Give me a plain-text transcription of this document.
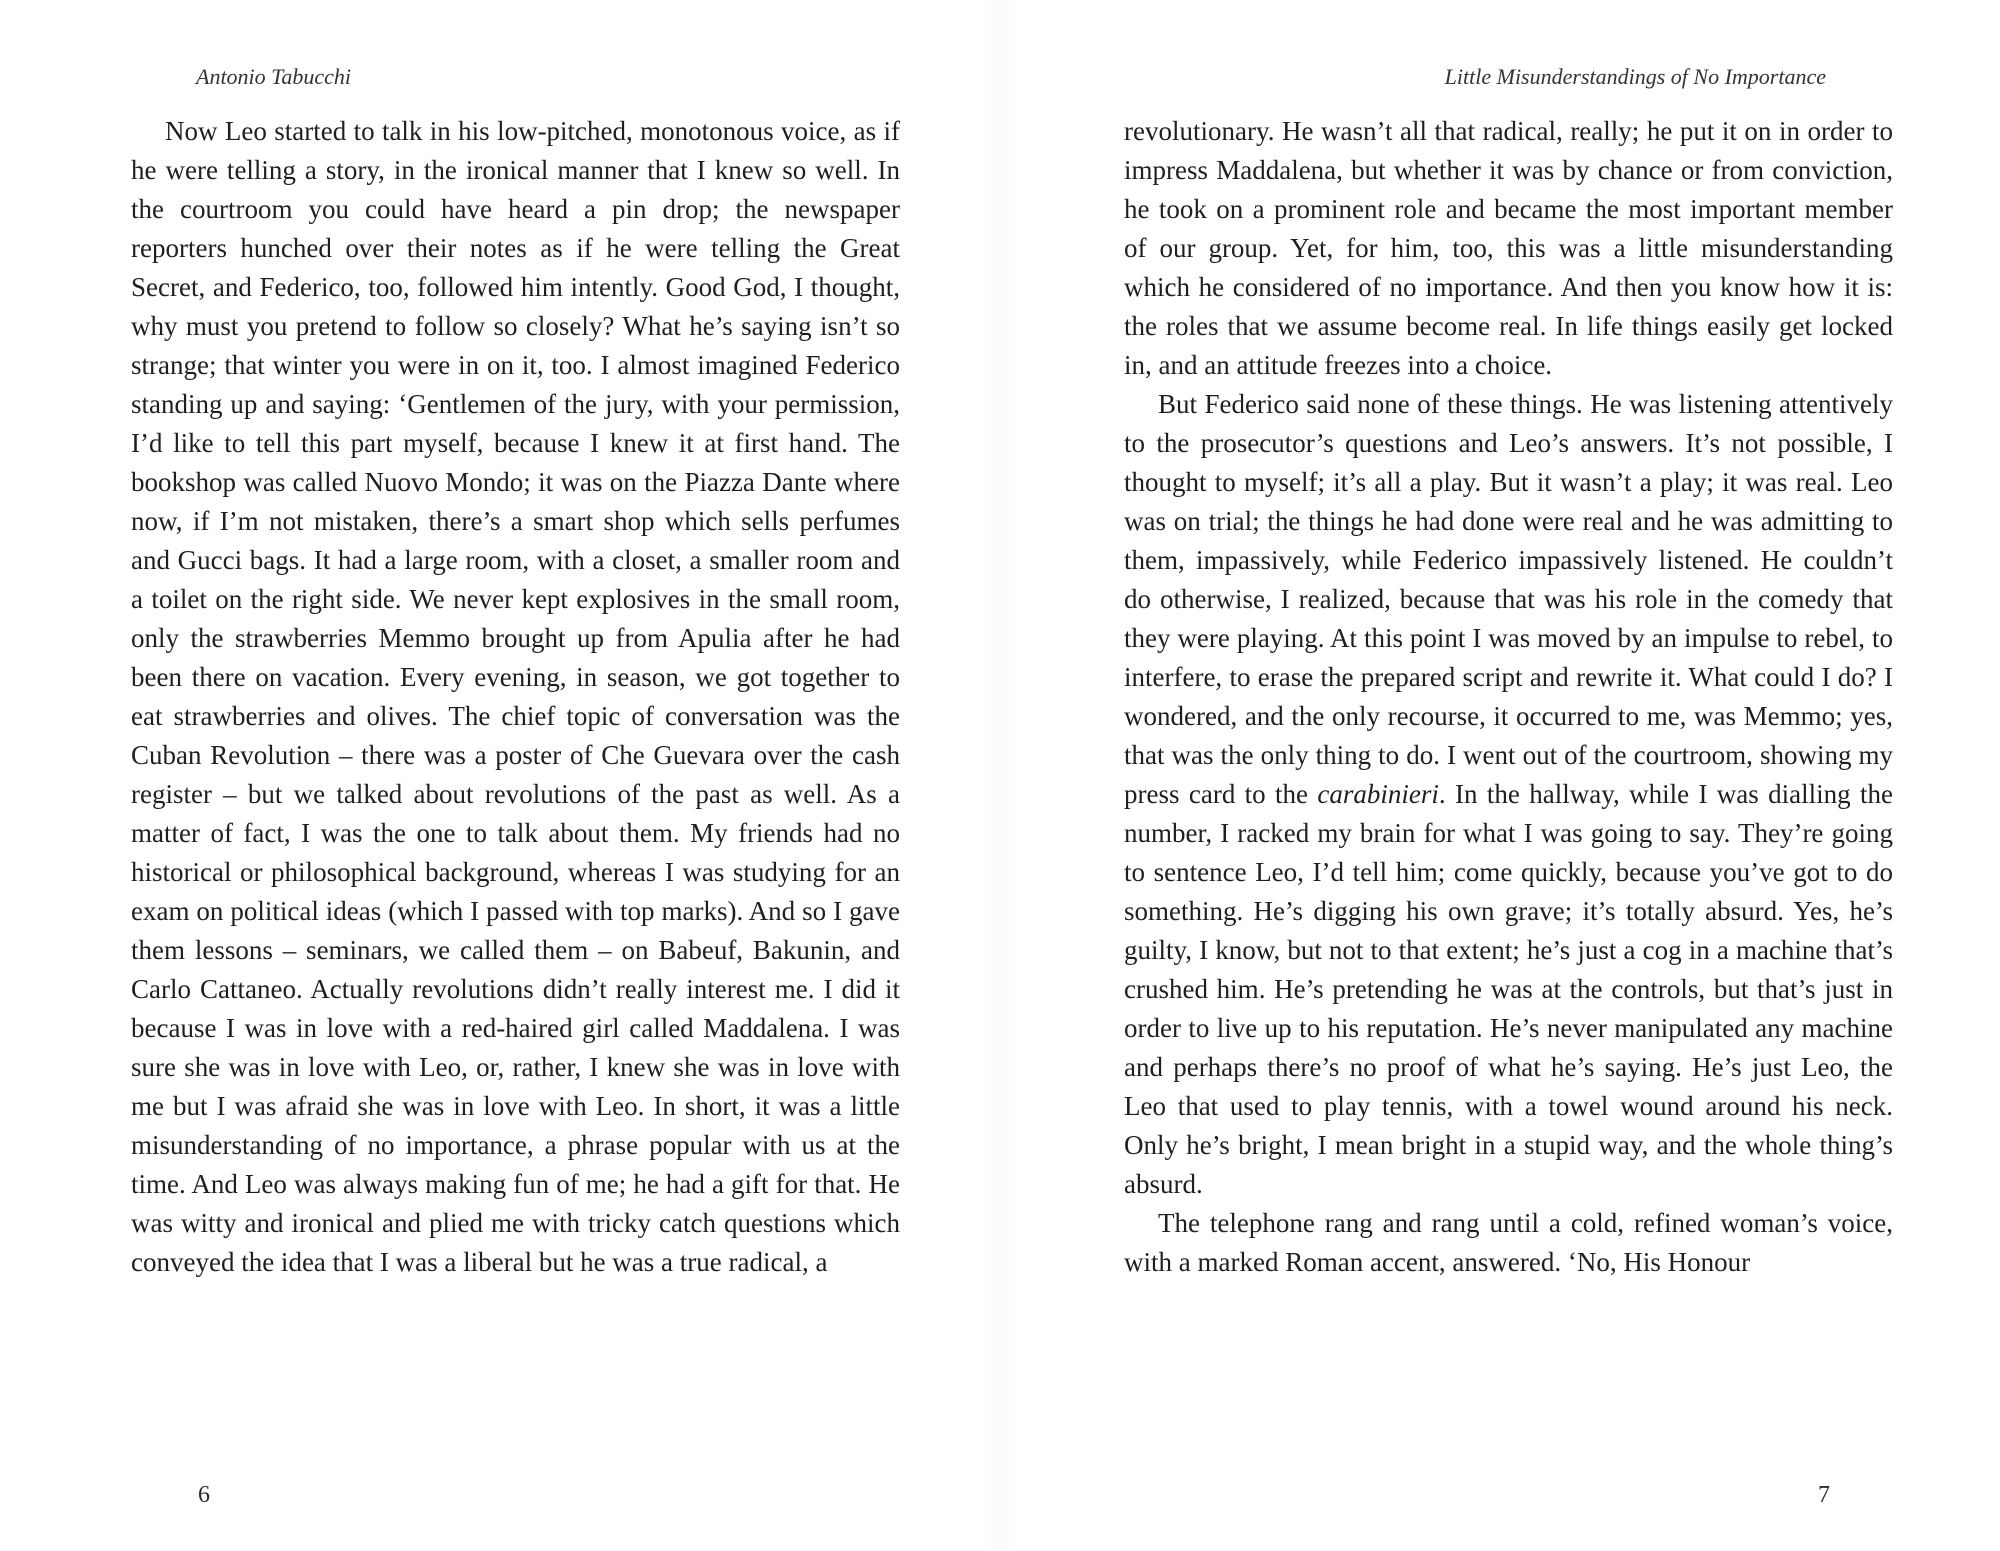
Antonio Tabucchi

Now Leo started to talk in his low-pitched, monotonous voice, as if he were telling a story, in the ironical manner that I knew so well. In the courtroom you could have heard a pin drop; the newspaper reporters hunched over their notes as if he were telling the Great Secret, and Federico, too, followed him intently. Good God, I thought, why must you pretend to follow so closely? What he’s saying isn’t so strange; that winter you were in on it, too. I almost imagined Federico standing up and saying: ‘Gentlemen of the jury, with your permission, I’d like to tell this part myself, because I knew it at first hand. The bookshop was called Nuovo Mondo; it was on the Piazza Dante where now, if I’m not mistaken, there’s a smart shop which sells perfumes and Gucci bags. It had a large room, with a closet, a smaller room and a toilet on the right side. We never kept explosives in the small room, only the strawberries Memmo brought up from Apulia after he had been there on vacation. Every evening, in season, we got together to eat strawberries and olives. The chief topic of conversation was the Cuban Revolution – there was a poster of Che Guevara over the cash register – but we talked about revolutions of the past as well. As a matter of fact, I was the one to talk about them. My friends had no historical or philosophical background, whereas I was studying for an exam on political ideas (which I passed with top marks). And so I gave them lessons – seminars, we called them – on Babeuf, Bakunin, and Carlo Cattaneo. Actually revolutions didn’t really interest me. I did it because I was in love with a red-haired girl called Maddalena. I was sure she was in love with Leo, or, rather, I knew she was in love with me but I was afraid she was in love with Leo. In short, it was a little misunderstanding of no importance, a phrase popular with us at the time. And Leo was always making fun of me; he had a gift for that. He was witty and ironical and plied me with tricky catch questions which conveyed the idea that I was a liberal but he was a true radical, a

6
Little Misunderstandings of No Importance

revolutionary. He wasn’t all that radical, really; he put it on in order to impress Maddalena, but whether it was by chance or from conviction, he took on a prominent role and became the most important member of our group. Yet, for him, too, this was a little misunderstanding which he considered of no importance. And then you know how it is: the roles that we assume become real. In life things easily get locked in, and an attitude freezes into a choice.

But Federico said none of these things. He was listening attentively to the prosecutor’s questions and Leo’s answers. It’s not possible, I thought to myself; it’s all a play. But it wasn’t a play; it was real. Leo was on trial; the things he had done were real and he was admitting to them, impassively, while Federico impassively listened. He couldn’t do otherwise, I realized, because that was his role in the comedy that they were playing. At this point I was moved by an impulse to rebel, to interfere, to erase the prepared script and rewrite it. What could I do? I wondered, and the only recourse, it occurred to me, was Memmo; yes, that was the only thing to do. I went out of the courtroom, showing my press card to the carabinieri. In the hallway, while I was dialling the number, I racked my brain for what I was going to say. They’re going to sentence Leo, I’d tell him; come quickly, because you’ve got to do something. He’s digging his own grave; it’s totally absurd. Yes, he’s guilty, I know, but not to that extent; he’s just a cog in a machine that’s crushed him. He’s pretending he was at the controls, but that’s just in order to live up to his reputation. He’s never manipulated any machine and perhaps there’s no proof of what he’s saying. He’s just Leo, the Leo that used to play tennis, with a towel wound around his neck. Only he’s bright, I mean bright in a stupid way, and the whole thing’s absurd.

The telephone rang and rang until a cold, refined woman’s voice, with a marked Roman accent, answered. ‘No, His Honour

7
